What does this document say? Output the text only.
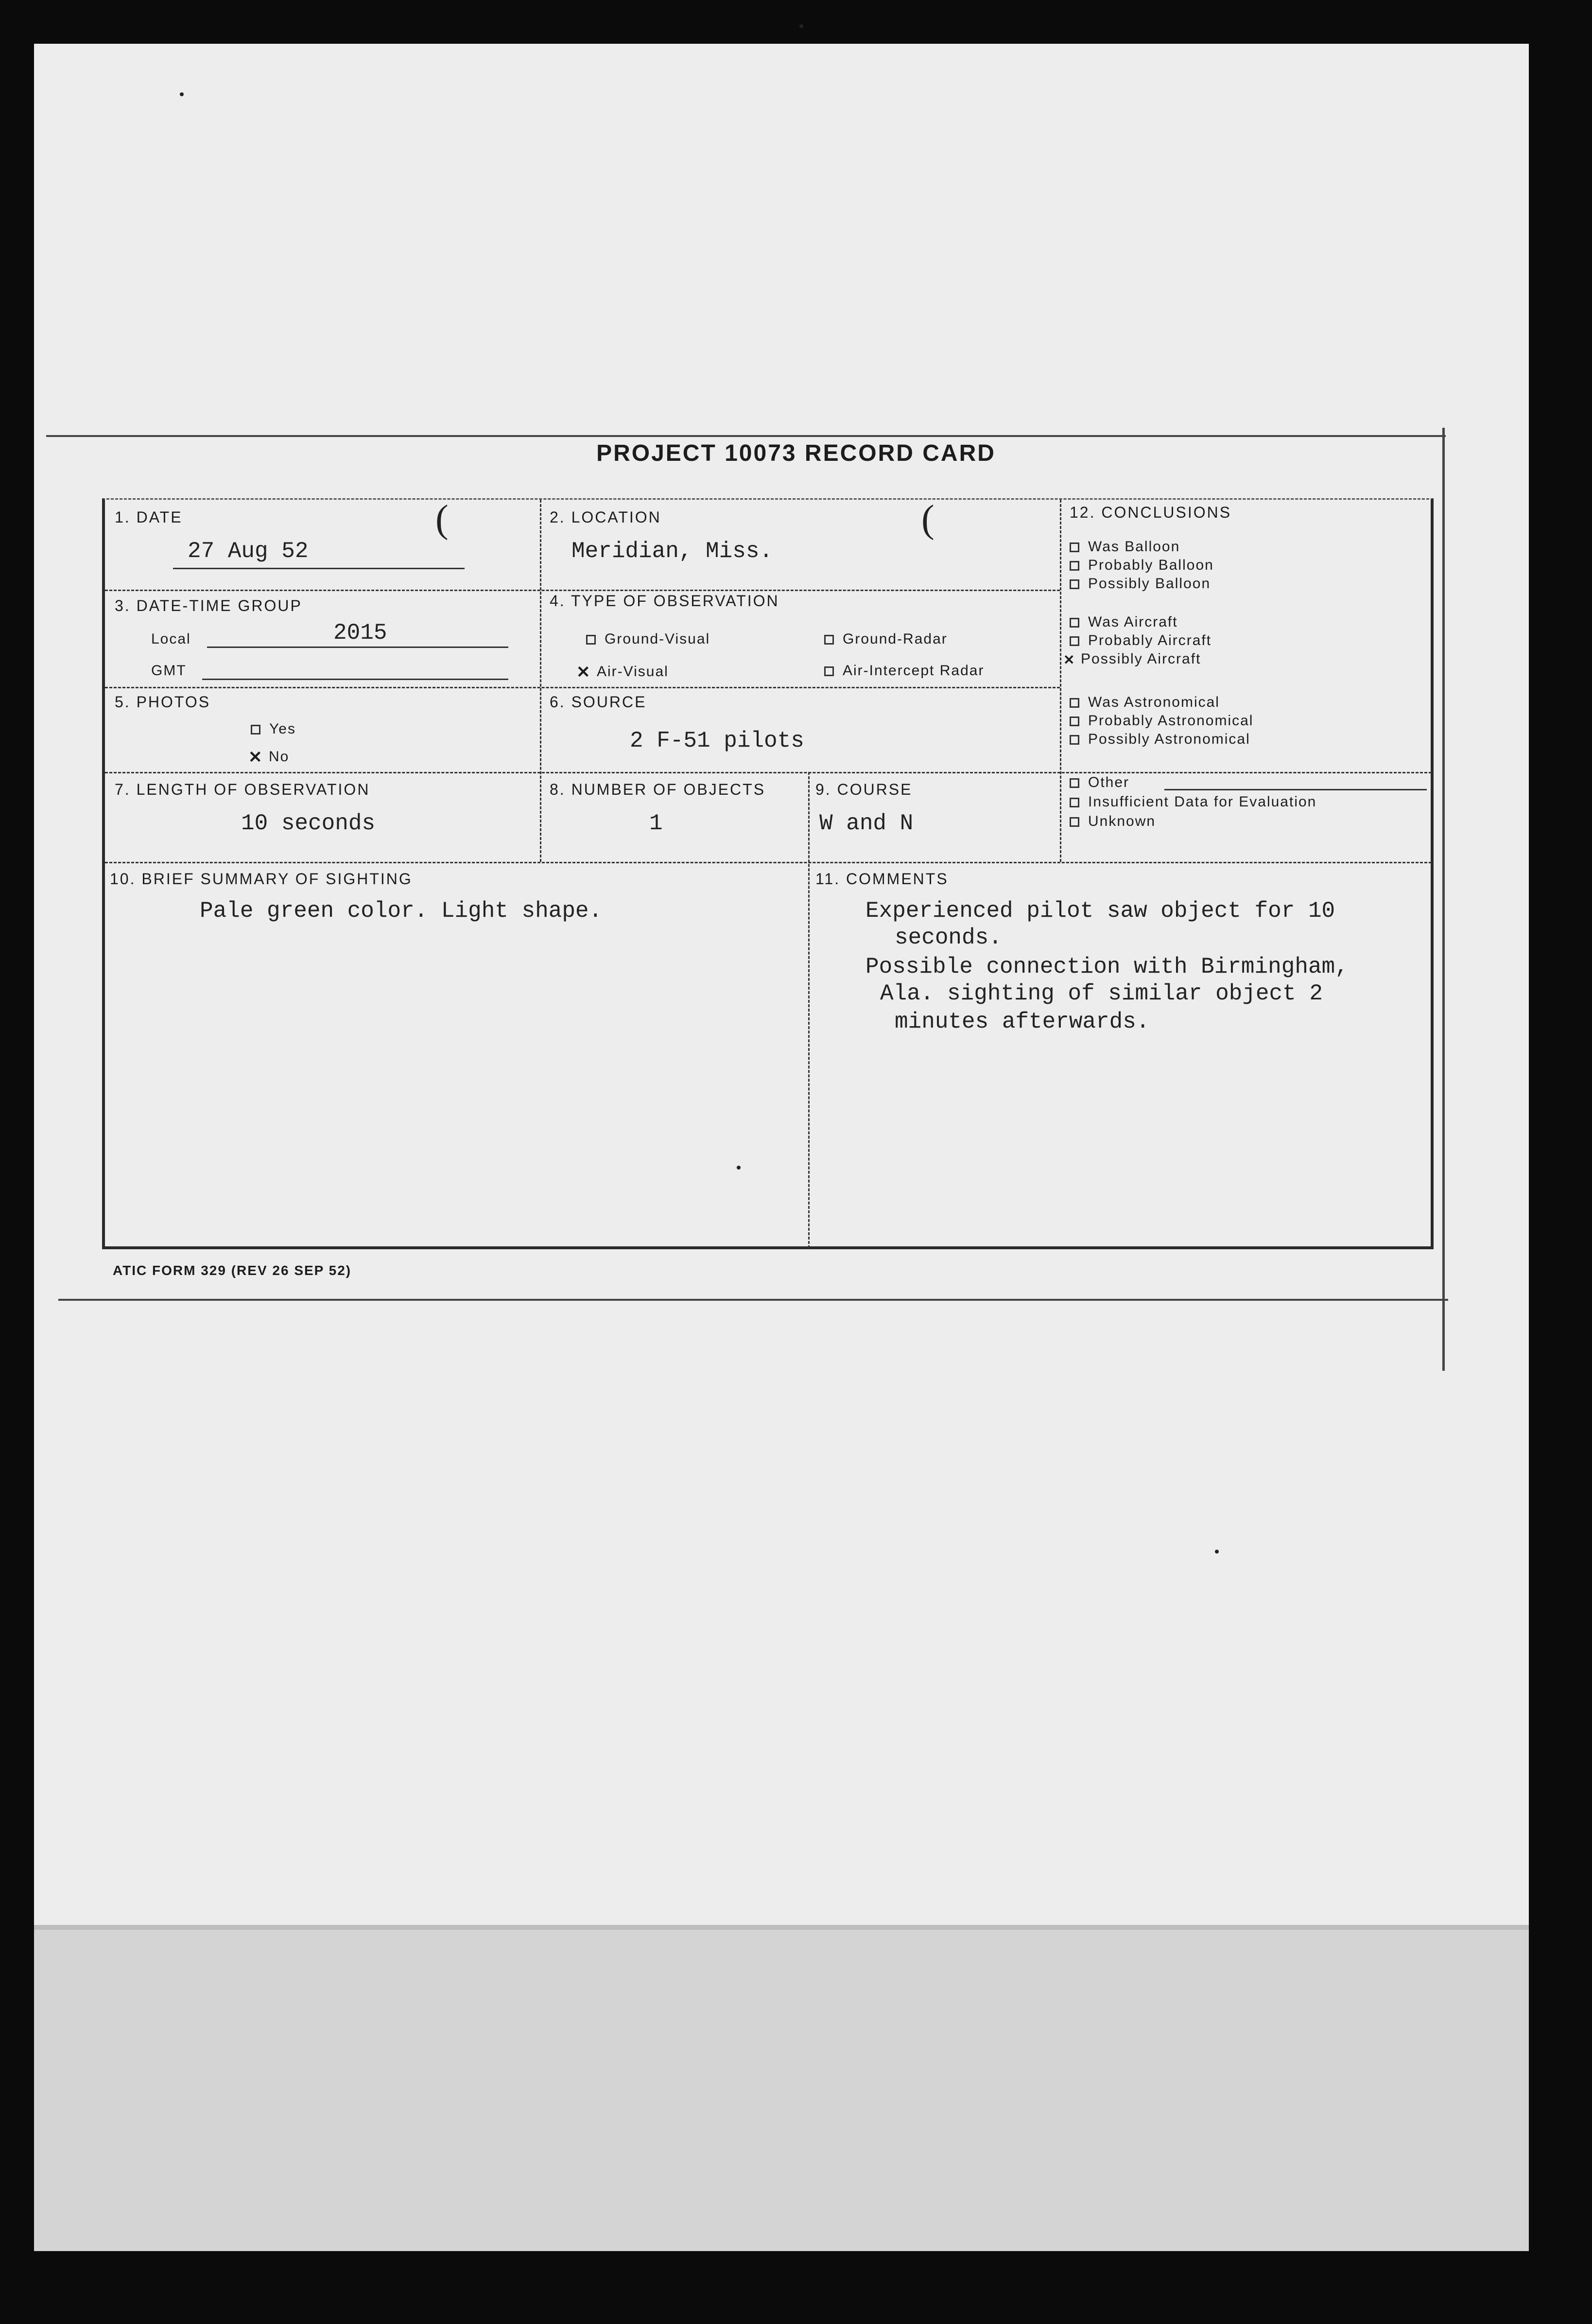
PROJECT 10073 RECORD CARD
1. DATE	(
27 Aug 52
2. LOCATION	(
Meridian, Miss.
3. DATE-TIME GROUP
Local	2015
GMT
4. TYPE OF OBSERVATION
Ground-Visual	Ground-Radar
✕ Air-Visual	Air-Intercept Radar
5. PHOTOS
Yes
✕ No
6. SOURCE
2 F-51 pilots
7. LENGTH OF OBSERVATION
10 seconds
8. NUMBER OF OBJECTS
1
9. COURSE
W and N
10. BRIEF SUMMARY OF SIGHTING
Pale green color. Light shape.
11. COMMENTS
Experienced pilot saw object for 10
seconds.
Possible connection with Birmingham,
Ala. sighting of similar object 2
minutes afterwards.
12. CONCLUSIONS
Was Balloon
Probably Balloon
Possibly Balloon
Was Aircraft
Probably Aircraft
✕ Possibly Aircraft
Was Astronomical
Probably Astronomical
Possibly Astronomical
Other
Insufficient Data for Evaluation
Unknown
ATIC FORM 329 (REV 26 SEP 52)
